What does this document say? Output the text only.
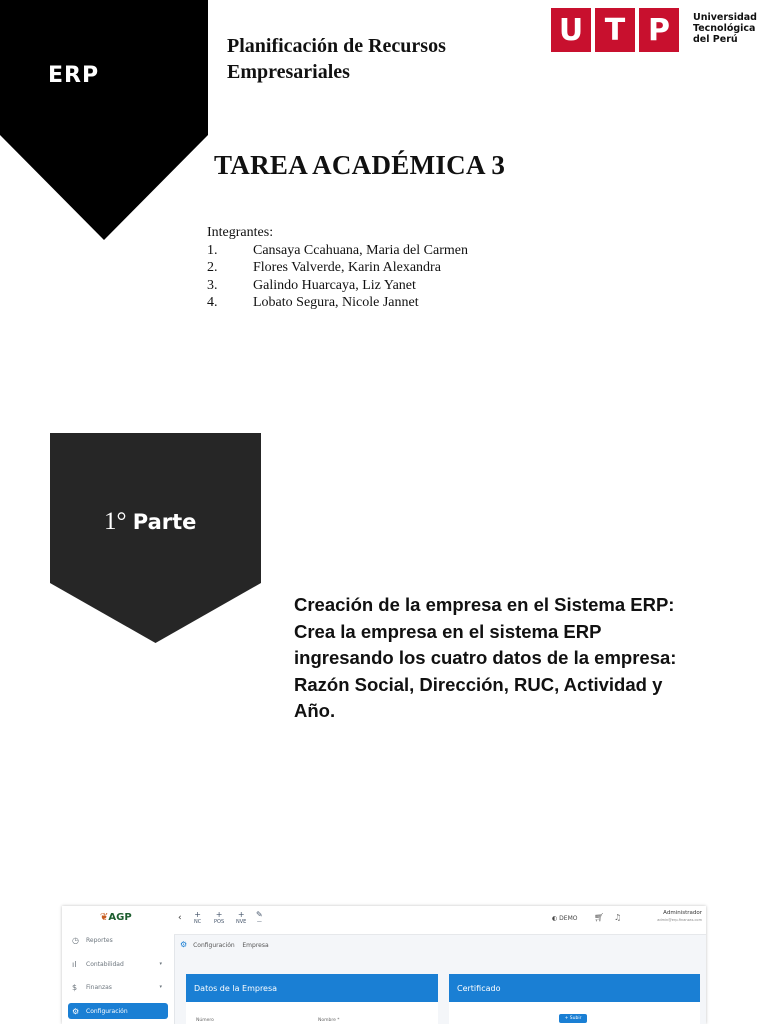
ERP
Planificación de Recursos
Empresariales
U T P	Universidad
Tecnológica
del Perú
TAREA ACADÉMICA 3
Integrantes:
1.	Cansaya Ccahuana, Maria del Carmen
2.	Flores Valverde, Karin Alexandra
3.	Galindo Huarcaya, Liz Yanet
4.	Lobato Segura, Nicole Jannet
1° Parte
Creación de la empresa en el Sistema ERP: Crea la empresa en el sistema ERP ingresando los cuatro datos de la empresa: Razón Social, Dirección, RUC, Actividad y Año.
❦AGP
◷	Reportes
ıl	Contabilidad	▾
$	Finanzas	▾
⚙	Configuración
‹ +
NC
+
POS
+
NVE
✎
—	◐ DEMO 🛒︎ ♫	Administrador
admin@erp-finanzas.com
⚙ Configuración Empresa
Datos de la Empresa
Número	Nombre *
Certificado
+ Subir
